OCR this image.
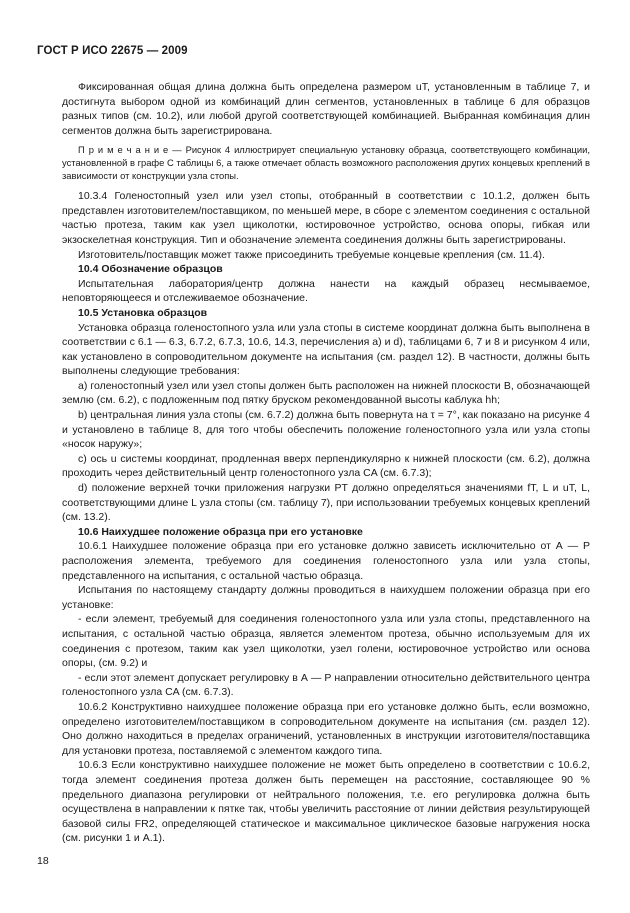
ГОСТ Р ИСО 22675 — 2009

Фиксированная общая длина должна быть определена размером uT, установленным в таблице 7, и достигнута выбором одной из комбинаций длин сегментов, установленных в таблице 6 для образцов разных типов (см. 10.2), или любой другой соответствующей комбинацией. Выбранная комбинация длин сегментов должна быть зарегистрирована.

П р и м е ч а н и е — Рисунок 4 иллюстрирует специальную установку образца, соответствующего комбинации, установленной в графе С таблицы 6, а также отмечает область возможного расположения других концевых креплений в зависимости от конструкции узла стопы.

10.3.4 Голеностопный узел или узел стопы, отобранный в соответствии с 10.1.2, должен быть представлен изготовителем/поставщиком, по меньшей мере, в сборе с элементом соединения с остальной частью протеза, таким как узел щиколотки, юстировочное устройство, основа опоры, гибкая или экзоскелетная конструкция. Тип и обозначение элемента соединения должны быть зарегистрированы.

Изготовитель/поставщик может также присоединить требуемые концевые крепления (см. 11.4).

10.4 Обозначение образцов

Испытательная лаборатория/центр должна нанести на каждый образец несмываемое, неповторяющееся и отслеживаемое обозначение.

10.5 Установка образцов

Установка образца голеностопного узла или узла стопы в системе координат должна быть выполнена в соответствии с 6.1 — 6.3, 6.7.2, 6.7.3, 10.6, 14.3, перечисления а) и d), таблицами 6, 7 и 8 и рисунком 4 или, как установлено в сопроводительном документе на испытания (см. раздел 12). В частности, должны быть выполнены следующие требования:

a) голеностопный узел или узел стопы должен быть расположен на нижней плоскости В, обозначающей землю (см. 6.2), с подложенным под пятку бруском рекомендованной высоты каблука hh;

b) центральная линия узла стопы (см. 6.7.2) должна быть повернута на τ = 7°, как показано на рисунке 4 и установлено в таблице 8, для того чтобы обеспечить положение голеностопного узла или узла стопы «носок наружу»;

c) ось u системы координат, продленная вверх перпендикулярно к нижней плоскости (см. 6.2), должна проходить через действительный центр голеностопного узла CA (см. 6.7.3);

d) положение верхней точки приложения нагрузки PT должно определяться значениями fT, L и uT, L, соответствующими длине L узла стопы (см. таблицу 7), при использовании требуемых концевых креплений (см. 13.2).

10.6 Наихудшее положение образца при его установке

10.6.1 Наихудшее положение образца при его установке должно зависеть исключительно от А — Р расположения элемента, требуемого для соединения голеностопного узла или узла стопы, представленного на испытания, с остальной частью образца.

Испытания по настоящему стандарту должны проводиться в наихудшем положении образца при его установке:

- если элемент, требуемый для соединения голеностопного узла или узла стопы, представленного на испытания, с остальной частью образца, является элементом протеза, обычно используемым для их соединения с протезом, таким как узел щиколотки, узел голени, юстировочное устройство или основа опоры, (см. 9.2) и

- если этот элемент допускает регулировку в А — Р направлении относительно действительного центра голеностопного узла CA (см. 6.7.3).

10.6.2 Конструктивно наихудшее положение образца при его установке должно быть, если возможно, определено изготовителем/поставщиком в сопроводительном документе на испытания (см. раздел 12). Оно должно находиться в пределах ограничений, установленных в инструкции изготовителя/поставщика для установки протеза, поставляемой с элементом каждого типа.

10.6.3 Если конструктивно наихудшее положение не может быть определено в соответствии с 10.6.2, тогда элемент соединения протеза должен быть перемещен на расстояние, составляющее 90 % предельного диапазона регулировки от нейтрального положения, т.е. его регулировка должна быть осуществлена в направлении к пятке так, чтобы увеличить расстояние от линии действия результирующей базовой силы FR2, определяющей статическое и максимальное циклическое базовые нагружения носка (см. рисунки 1 и А.1).

18
